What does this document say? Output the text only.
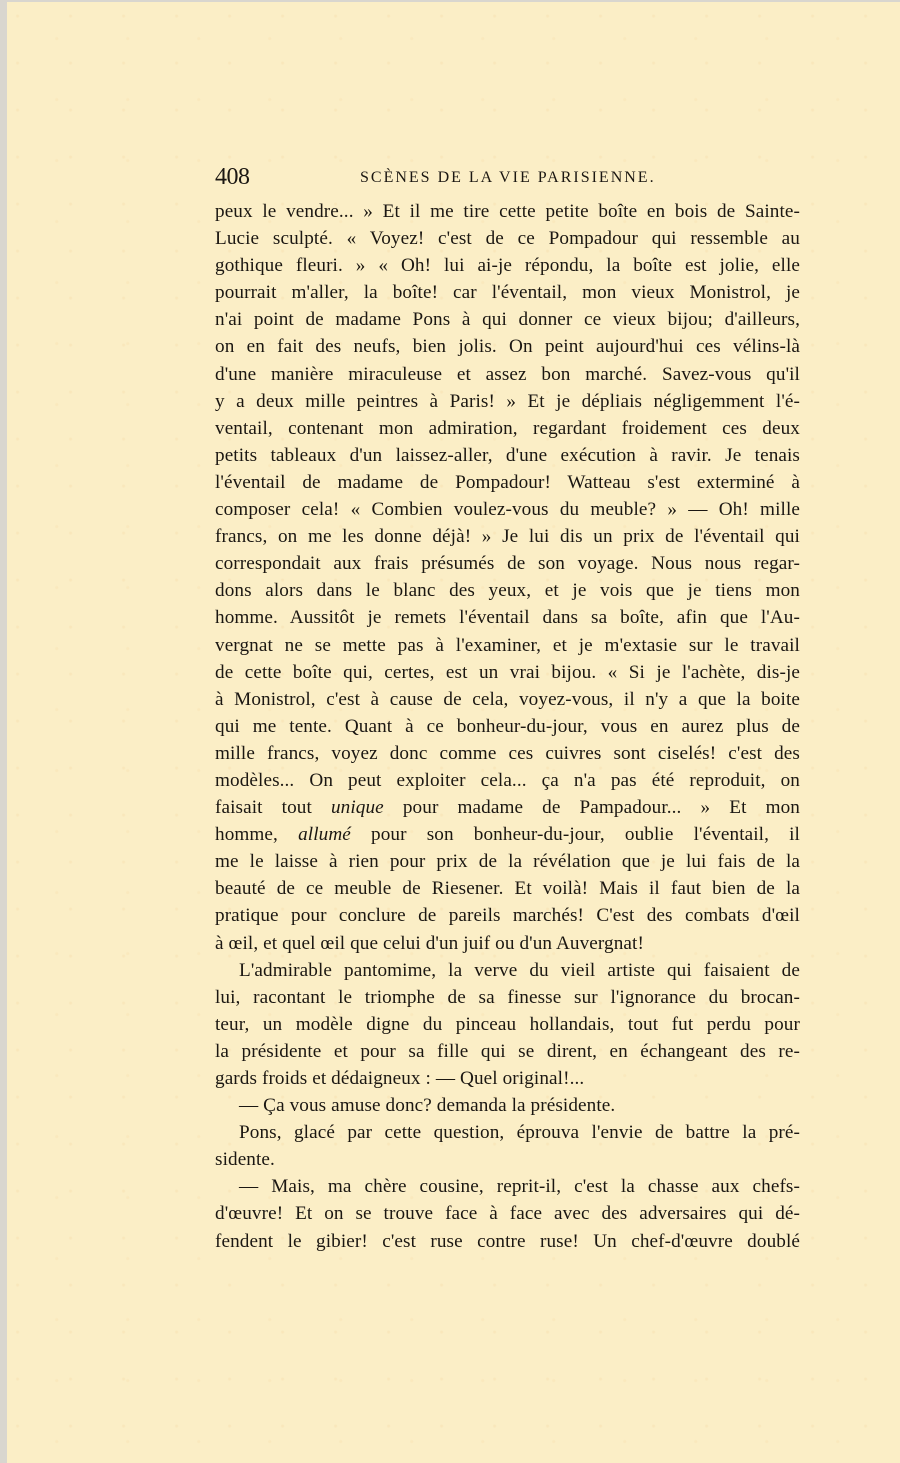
408	SCÈNES DE LA VIE PARISIENNE.
peux le vendre... » Et il me tire cette petite boîte en bois de Sainte-
Lucie sculpté. « Voyez! c'est de ce Pompadour qui ressemble au
gothique fleuri. » « Oh! lui ai-je répondu, la boîte est jolie, elle
pourrait m'aller, la boîte! car l'éventail, mon vieux Monistrol, je
n'ai point de madame Pons à qui donner ce vieux bijou; d'ailleurs,
on en fait des neufs, bien jolis. On peint aujourd'hui ces vélins-là
d'une manière miraculeuse et assez bon marché. Savez-vous qu'il
y a deux mille peintres à Paris! » Et je dépliais négligemment l'é-
ventail, contenant mon admiration, regardant froidement ces deux
petits tableaux d'un laissez-aller, d'une exécution à ravir. Je tenais
l'éventail de madame de Pompadour! Watteau s'est exterminé à
composer cela! « Combien voulez-vous du meuble? » — Oh! mille
francs, on me les donne déjà! » Je lui dis un prix de l'éventail qui
correspondait aux frais présumés de son voyage. Nous nous regar-
dons alors dans le blanc des yeux, et je vois que je tiens mon
homme. Aussitôt je remets l'éventail dans sa boîte, afin que l'Au-
vergnat ne se mette pas à l'examiner, et je m'extasie sur le travail
de cette boîte qui, certes, est un vrai bijou. « Si je l'achète, dis-je
à Monistrol, c'est à cause de cela, voyez-vous, il n'y a que la boite
qui me tente. Quant à ce bonheur-du-jour, vous en aurez plus de
mille francs, voyez donc comme ces cuivres sont ciselés! c'est des
modèles... On peut exploiter cela... ça n'a pas été reproduit, on
faisait tout unique pour madame de Pampadour... » Et mon
homme, allumé pour son bonheur-du-jour, oublie l'éventail, il
me le laisse à rien pour prix de la révélation que je lui fais de la
beauté de ce meuble de Riesener. Et voilà! Mais il faut bien de la
pratique pour conclure de pareils marchés! C'est des combats d'œil
à œil, et quel œil que celui d'un juif ou d'un Auvergnat!
L'admirable pantomime, la verve du vieil artiste qui faisaient de
lui, racontant le triomphe de sa finesse sur l'ignorance du brocan-
teur, un modèle digne du pinceau hollandais, tout fut perdu pour
la présidente et pour sa fille qui se dirent, en échangeant des re-
gards froids et dédaigneux : — Quel original!...
— Ça vous amuse donc? demanda la présidente.
Pons, glacé par cette question, éprouva l'envie de battre la pré-
sidente.
— Mais, ma chère cousine, reprit-il, c'est la chasse aux chefs-
d'œuvre! Et on se trouve face à face avec des adversaires qui dé-
fendent le gibier! c'est ruse contre ruse! Un chef-d'œuvre doublé
